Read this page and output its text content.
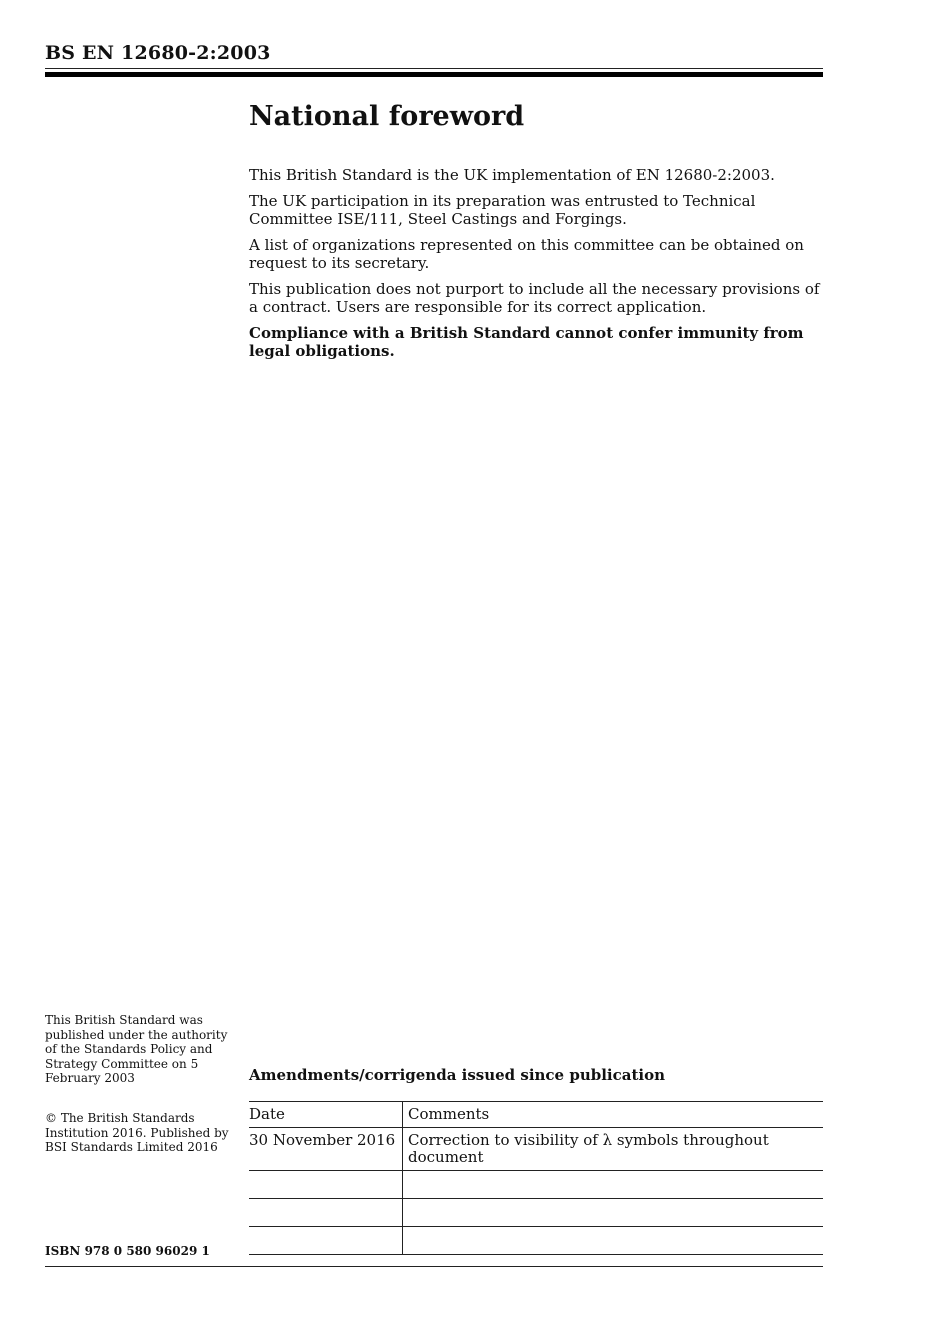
BS EN 12680-2:2003
National foreword

This British Standard is the UK implementation of EN 12680-2:2003.

The UK participation in its preparation was entrusted to Technical Committee ISE/111, Steel Castings and Forgings.

A list of organizations represented on this committee can be obtained on request to its secretary.

This publication does not purport to include all the necessary provisions of a contract. Users are responsible for its correct application.

Compliance with a British Standard cannot confer immunity from legal obligations.

This British Standard was published under the authority of the Standards Policy and Strategy Committee on 5 February 2003
© The British Standards Institution 2016. Published by BSI Standards Limited 2016
ISBN 978 0 580 96029 1
Amendments/corrigenda issued since publication
Date	Comments
30 November 2016	Correction to visibility of λ symbols throughout document
